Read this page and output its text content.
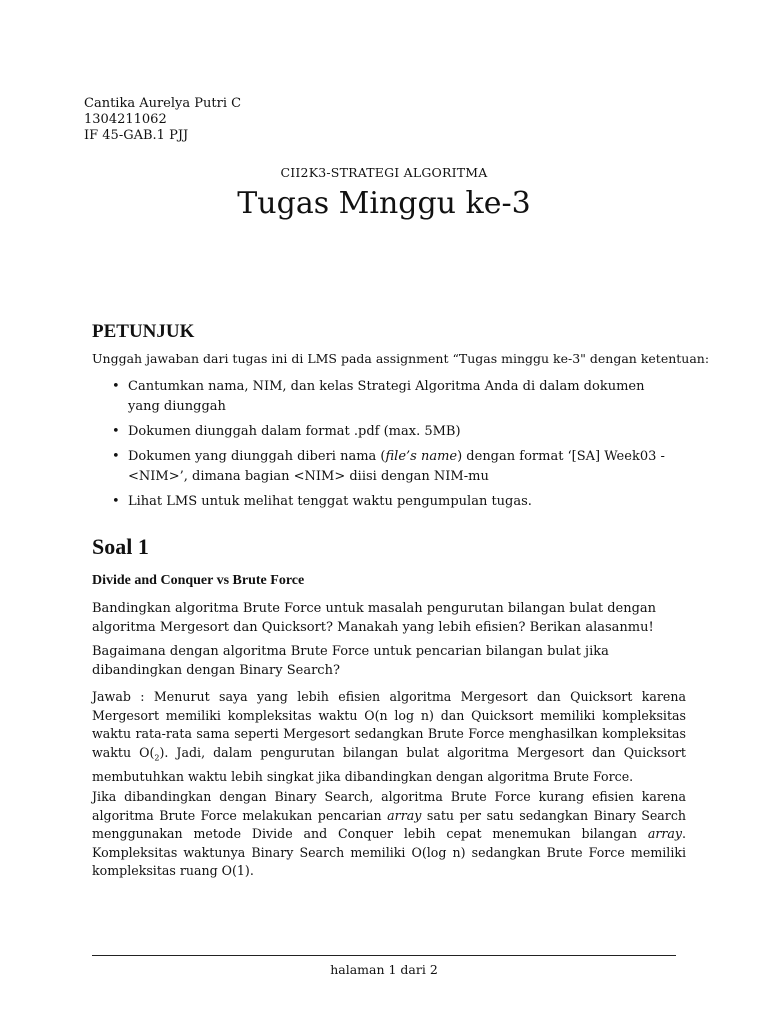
Cantika Aurelya Putri C
1304211062
IF 45-GAB.1 PJJ
CII2K3-STRATEGI ALGORITMA
Tugas Minggu ke-3
PETUNJUK
Unggah jawaban dari tugas ini di LMS pada assignment “Tugas minggu ke-3" dengan ketentuan:
• Cantumkan nama, NIM, dan kelas Strategi Algoritma Anda di dalam dokumen yang diunggah
• Dokumen diunggah dalam format .pdf (max. 5MB)
• Dokumen yang diunggah diberi nama (file’s name) dengan format ‘[SA] Week03 - <NIM>’, dimana bagian <NIM> diisi dengan NIM-mu
• Lihat LMS untuk melihat tenggat waktu pengumpulan tugas.
Soal 1
Divide and Conquer vs Brute Force
Bandingkan algoritma Brute Force untuk masalah pengurutan bilangan bulat dengan algoritma Mergesort dan Quicksort? Manakah yang lebih efisien? Berikan alasanmu!
Bagaimana dengan algoritma Brute Force untuk pencarian bilangan bulat jika dibandingkan dengan Binary Search?
Jawab : Menurut saya yang lebih efisien algoritma Mergesort dan Quicksort karena Mergesort memiliki kompleksitas waktu O(n log n) dan Quicksort memiliki kompleksitas waktu rata-rata sama seperti Mergesort sedangkan Brute Force menghasilkan kompleksitas waktu $O(_2)$. Jadi, dalam pengurutan bilangan bulat algoritma Mergesort dan Quicksort membutuhkan waktu lebih singkat jika dibandingkan dengan algoritma Brute Force.
Jika dibandingkan dengan Binary Search, algoritma Brute Force kurang efisien karena algoritma Brute Force melakukan pencarian array satu per satu sedangkan Binary Search menggunakan metode Divide and Conquer lebih cepat menemukan bilangan array. Kompleksitas waktunya Binary Search memiliki O(log n) sedangkan Brute Force memiliki kompleksitas ruang O(1).
halaman 1 dari 2
